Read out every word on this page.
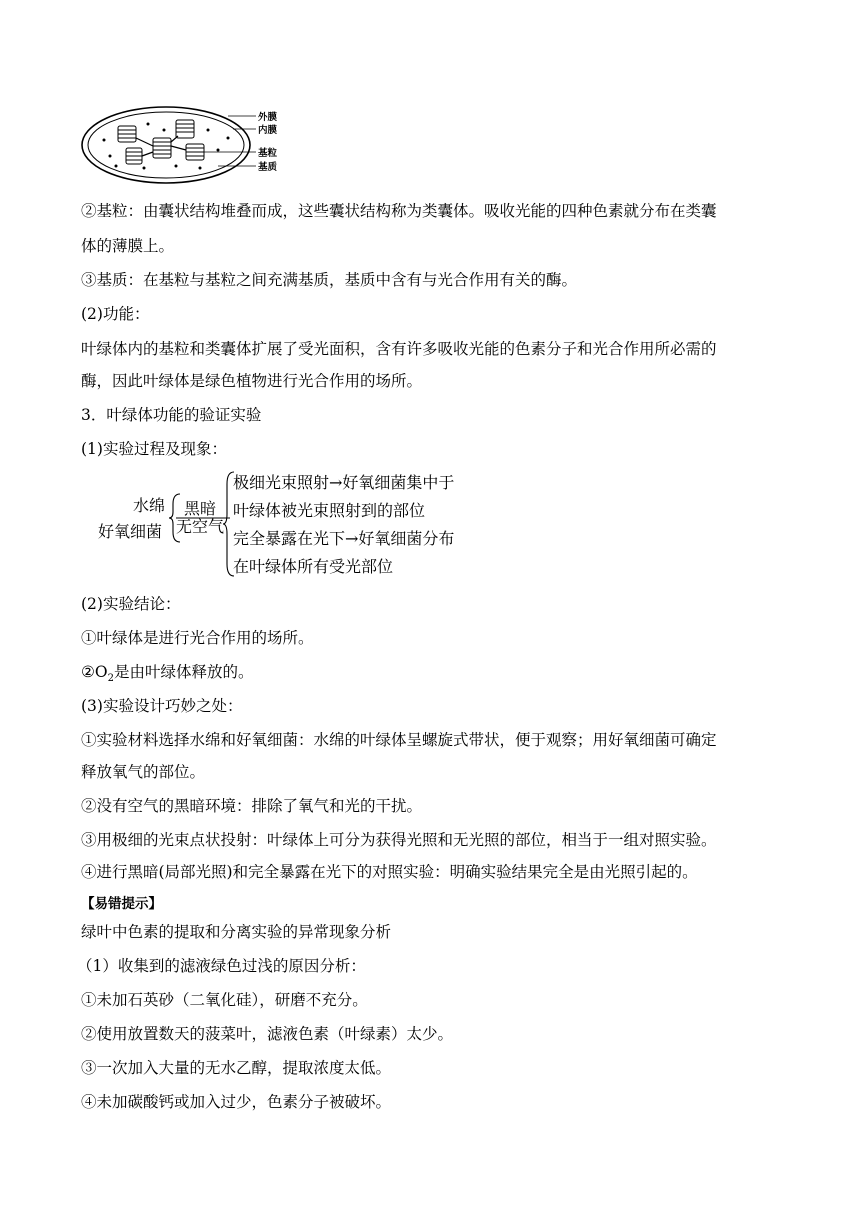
外膜
内膜
基粒
基质
②基粒：由囊状结构堆叠而成，这些囊状结构称为类囊体。吸收光能的四种色素就分布在类囊
体的薄膜上。
③基质：在基粒与基粒之间充满基质，基质中含有与光合作用有关的酶。
(2)功能：
叶绿体内的基粒和类囊体扩展了受光面积，含有许多吸收光能的色素分子和光合作用所必需的
酶，因此叶绿体是绿色植物进行光合作用的场所。
3．叶绿体功能的验证实验
(1)实验过程及现象：
水绵
好氧细菌
黑暗
无空气
极细光束照射→好氧细菌集中于
叶绿体被光束照射到的部位
完全暴露在光下→好氧细菌分布
在叶绿体所有受光部位
(2)实验结论：
①叶绿体是进行光合作用的场所。
$②O_2$是由叶绿体释放的。
(3)实验设计巧妙之处：
①实验材料选择水绵和好氧细菌：水绵的叶绿体呈螺旋式带状，便于观察；用好氧细菌可确定
释放氧气的部位。
②没有空气的黑暗环境：排除了氧气和光的干扰。
③用极细的光束点状投射：叶绿体上可分为获得光照和无光照的部位，相当于一组对照实验。
④进行黑暗(局部光照)和完全暴露在光下的对照实验：明确实验结果完全是由光照引起的。
【易错提示】
绿叶中色素的提取和分离实验的异常现象分析
（1）收集到的滤液绿色过浅的原因分析：
①未加石英砂（二氧化硅），研磨不充分。
②使用放置数天的菠菜叶，滤液色素（叶绿素）太少。
③一次加入大量的无水乙醇，提取浓度太低。
④未加碳酸钙或加入过少，色素分子被破坏。
